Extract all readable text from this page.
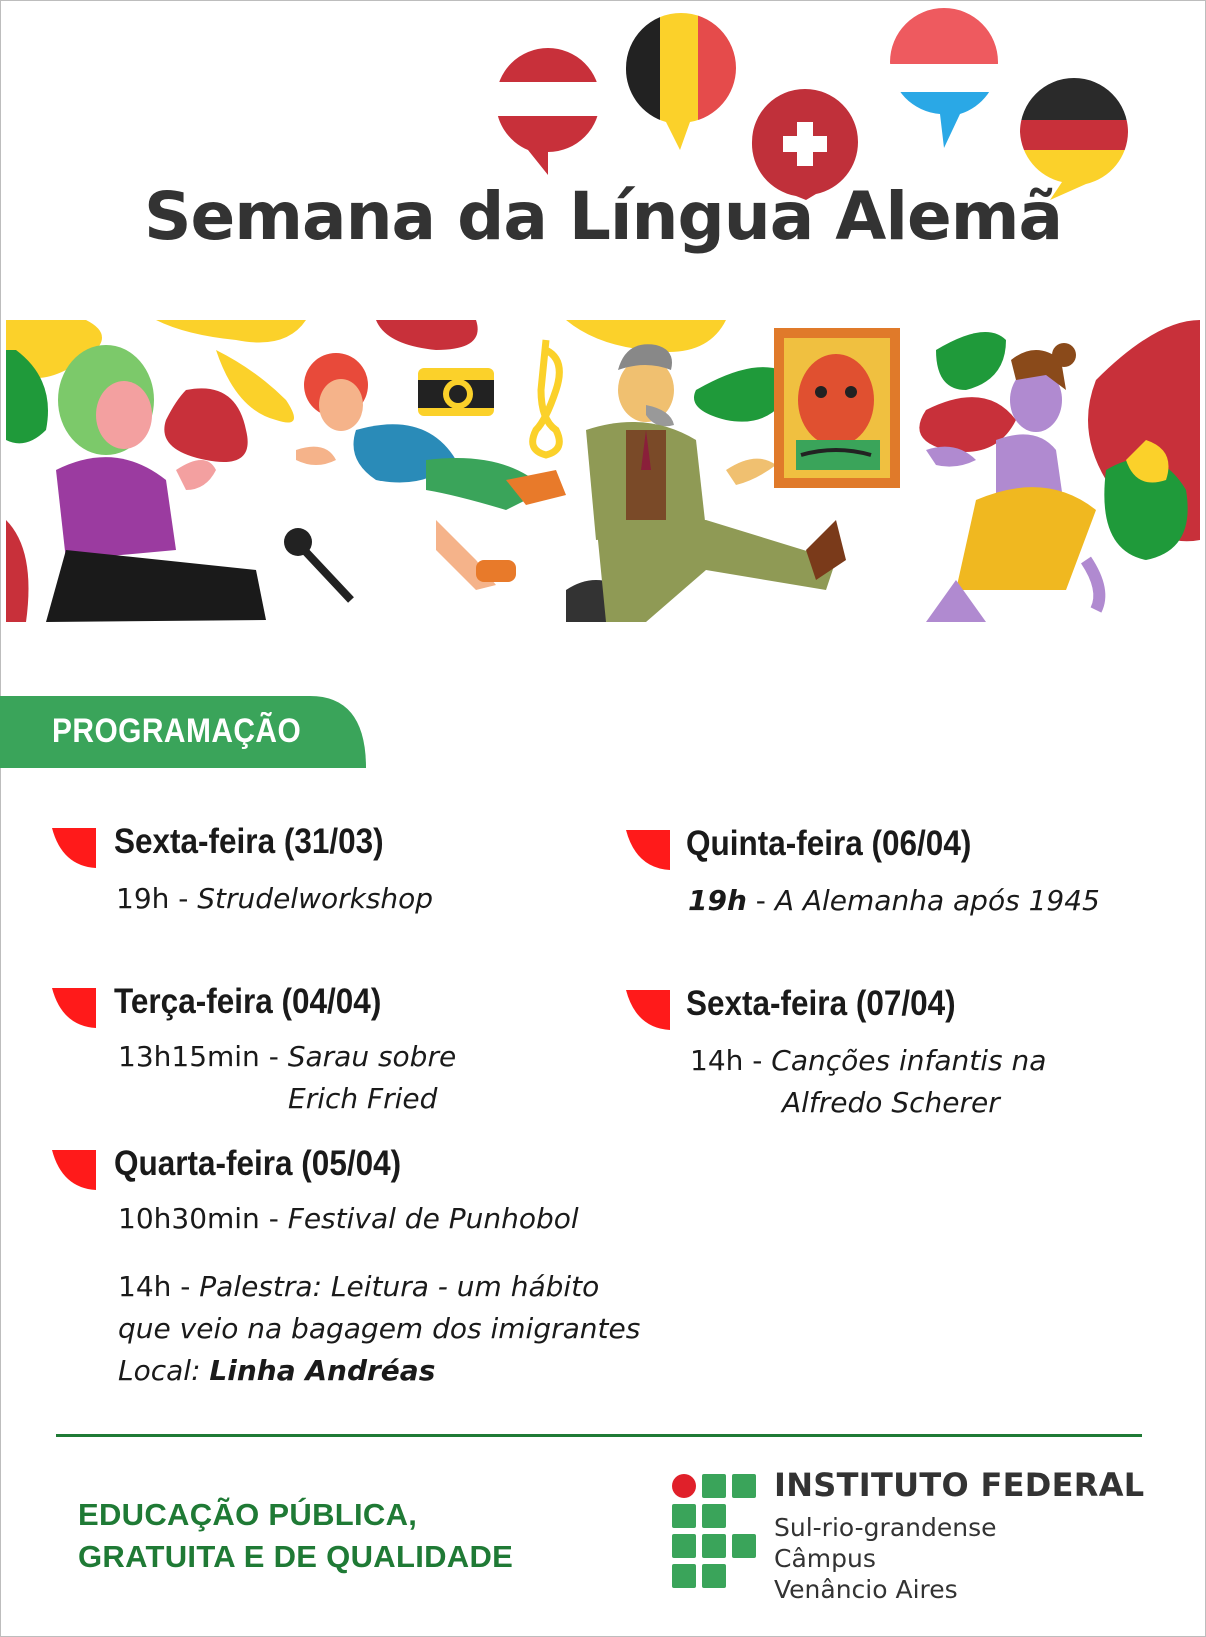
Semana da Língua Alemã
PROGRAMAÇÃO
Sexta-feira (31/03)
19h - Strudelworkshop
Terça-feira (04/04)
13h15min - Sarau sobre
Erich Fried
Quarta-feira (05/04)
10h30min - Festival de Punhobol
14h - Palestra: Leitura - um hábito
que veio na bagagem dos imigrantes
Local: Linha Andréas
Quinta-feira (06/04)
19h - A Alemanha após 1945
Sexta-feira (07/04)
14h - Canções infantis na
Alfredo Scherer
EDUCAÇÃO PÚBLICA,
GRATUITA E DE QUALIDADE
INSTITUTO FEDERAL
Sul-rio-grandense
Câmpus
Venâncio Aires
